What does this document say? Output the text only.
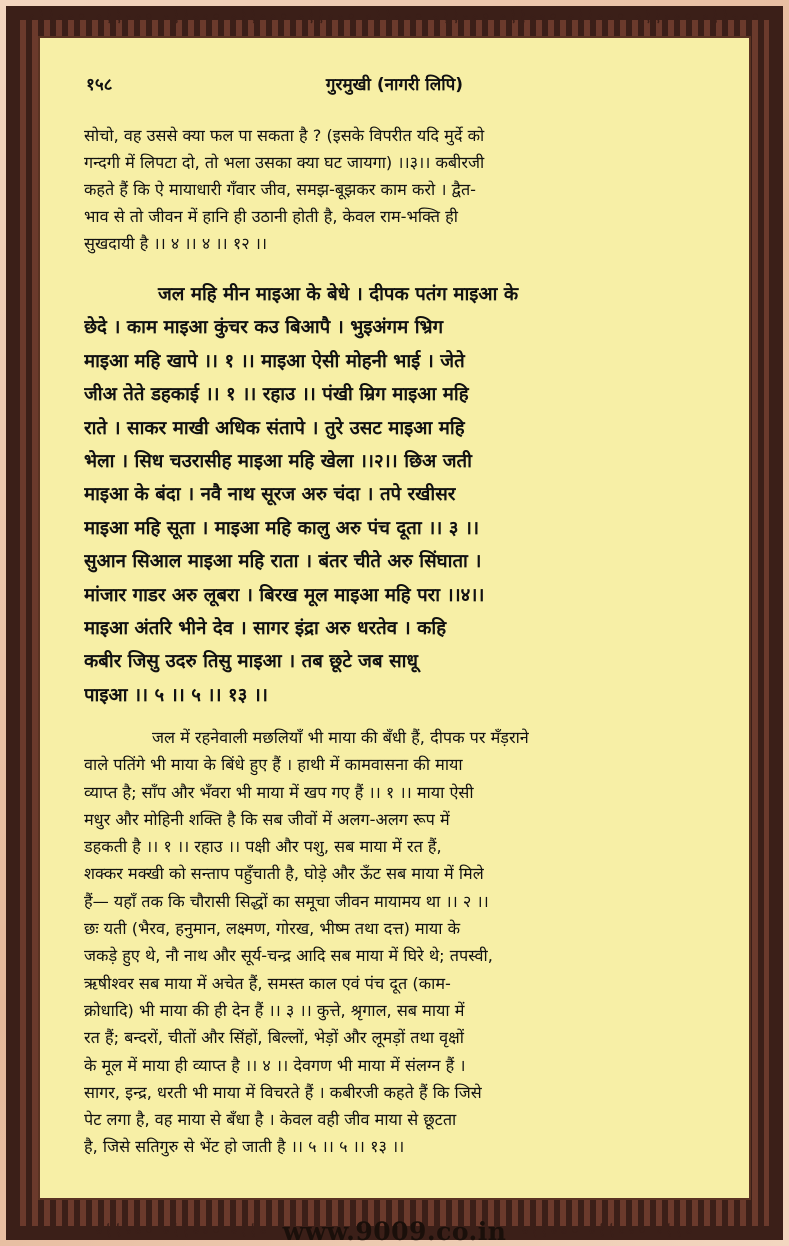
∘⌇⌇∘∘◦ ∘⌇⌇∘∘◦ ∘⌇⌇∘∘◦ ∘⌇⌇∘∘◦ ∘⌇⌇∘∘◦ ∘⌇⌇∘∘◦ ∘⌇⌇∘∘◦ ∘⌇⌇∘∘◦ ∘⌇⌇∘∘◦ ∘⌇⌇∘∘◦ ∘⌇⌇∘∘◦
१५८	गुरमुखी (नागरी लिपि)
सोचो, वह उससे क्या फल पा सकता है ? (इसके विपरीत यदि मुर्दे को
गन्दगी में लिपटा दो, तो भला उसका क्या घट जायगा) ।।३।। कबीरजी
कहते हैं कि ऐ मायाधारी गँवार जीव, समझ-बूझकर काम करो । द्वैत-
भाव से तो जीवन में हानि ही उठानी होती है, केवल राम-भक्ति ही
सुखदायी है ।। ४ ।। ४ ।। १२ ।।
जल महि मीन माइआ के बेधे । दीपक पतंग माइआ के
छेदे । काम माइआ कुंचर कउ बिआपै । भुइअंगम भ्रिग
माइआ महि खापे ।। १ ।। माइआ ऐसी मोहनी भाई । जेते
जीअ तेते डहकाई ।। १ ।। रहाउ ।। पंखी म्रिग माइआ महि
राते । साकर माखी अधिक संतापे । तुरे उसट माइआ महि
भेला । सिध चउरासीह माइआ महि खेला ।।२।। छिअ जती
माइआ के बंदा । नवै नाथ सूरज अरु चंदा । तपे रखीसर
माइआ महि सूता । माइआ महि कालु अरु पंच दूता ।। ३ ।।
सुआन सिआल माइआ महि राता । बंतर चीते अरु सिंघाता ।
मांजार गाडर अरु लूबरा । बिरख मूल माइआ महि परा ।।४।।
माइआ अंतरि भीने देव । सागर इंद्रा अरु धरतेव । कहि
कबीर जिसु उदरु तिसु माइआ । तब छूटे जब साधू
पाइआ ।। ५ ।। ५ ।। १३ ।।
जल में रहनेवाली मछलियाँ भी माया की बँधी हैं, दीपक पर मँड़राने
वाले पतिंगे भी माया के बिंधे हुए हैं । हाथी में कामवासना की माया
व्याप्त है; साँप और भँवरा भी माया में खप गए हैं ।। १ ।। माया ऐसी
मधुर और मोहिनी शक्ति है कि सब जीवों में अलग-अलग रूप में
डहकती है ।। १ ।। रहाउ ।। पक्षी और पशु, सब माया में रत हैं,
शक्कर मक्खी को सन्ताप पहुँचाती है, घोड़े और ऊँट सब माया में मिले
हैं— यहाँ तक कि चौरासी सिद्धों का समूचा जीवन मायामय था ।। २ ।।
छः यती (भैरव, हनुमान, लक्ष्मण, गोरख, भीष्म तथा दत्त) माया के
जकड़े हुए थे, नौ नाथ और सूर्य-चन्द्र आदि सब माया में घिरे थे; तपस्वी,
ऋषीश्वर सब माया में अचेत हैं, समस्त काल एवं पंच दूत (काम-
क्रोधादि) भी माया की ही देन हैं ।। ३ ।। कुत्ते, श्रृगाल, सब माया में
रत हैं; बन्दरों, चीतों और सिंहों, बिल्लों, भेड़ों और लूमड़ों तथा वृक्षों
के मूल में माया ही व्याप्त है ।। ४ ।। देवगण भी माया में संलग्न हैं ।
सागर, इन्द्र, धरती भी माया में विचरते हैं । कबीरजी कहते हैं कि जिसे
पेट लगा है, वह माया से बँधा है । केवल वही जीव माया से छूटता
है, जिसे सतिगुरु से भेंट हो जाती है ।। ५ ।। ५ ।। १३ ।।
∘⌇⌇∘∘◦ ∘⌇⌇∘∘◦ ∘⌇⌇∘ www.9009.co.in ∘⌇⌇∘∘◦ ∘⌇⌇∘∘◦ ∘⌇⌇∘
